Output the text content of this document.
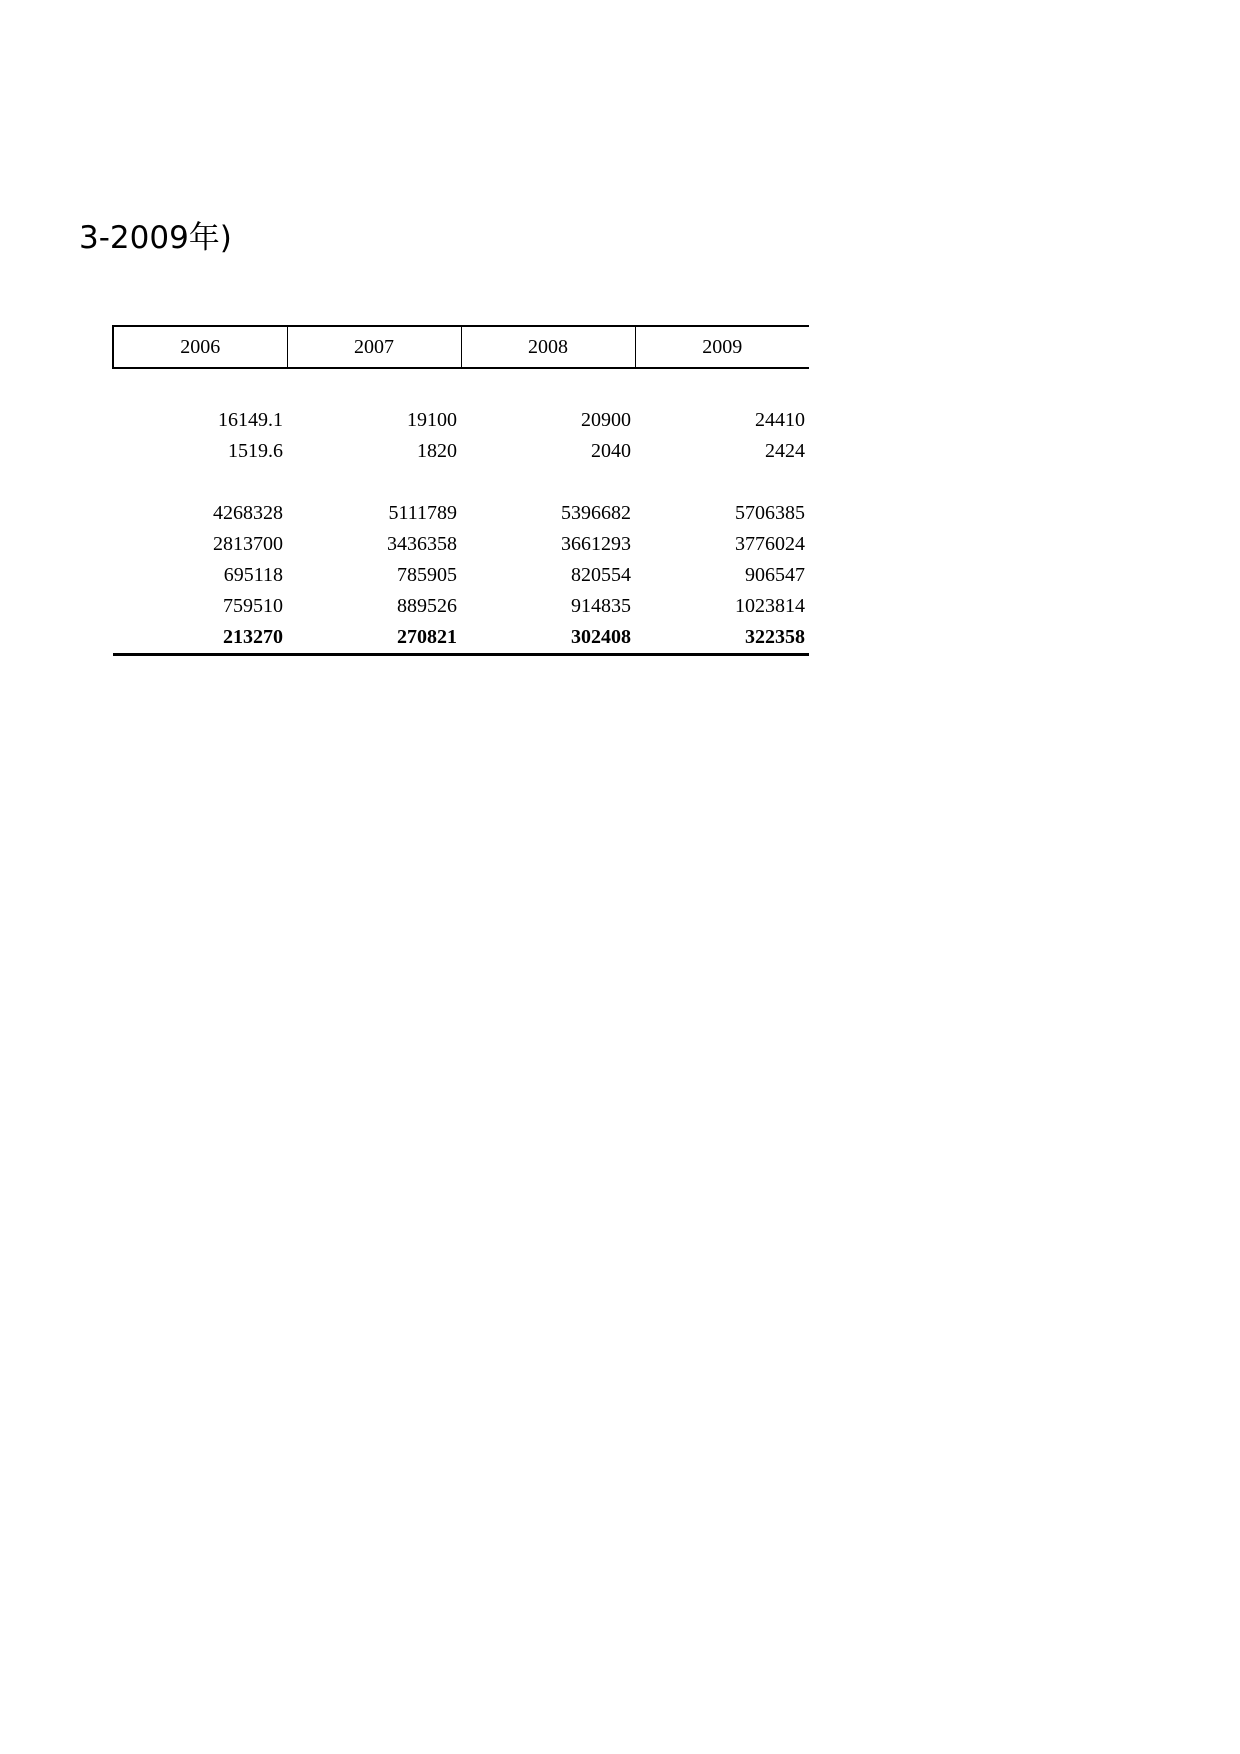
3-2009年)
2006	2007	2008	2009

16149.1	19100	20900	24410
1519.6	1820	2040	2424

4268328	5111789	5396682	5706385
2813700	3436358	3661293	3776024
695118	785905	820554	906547
759510	889526	914835	1023814
213270	270821	302408	322358
